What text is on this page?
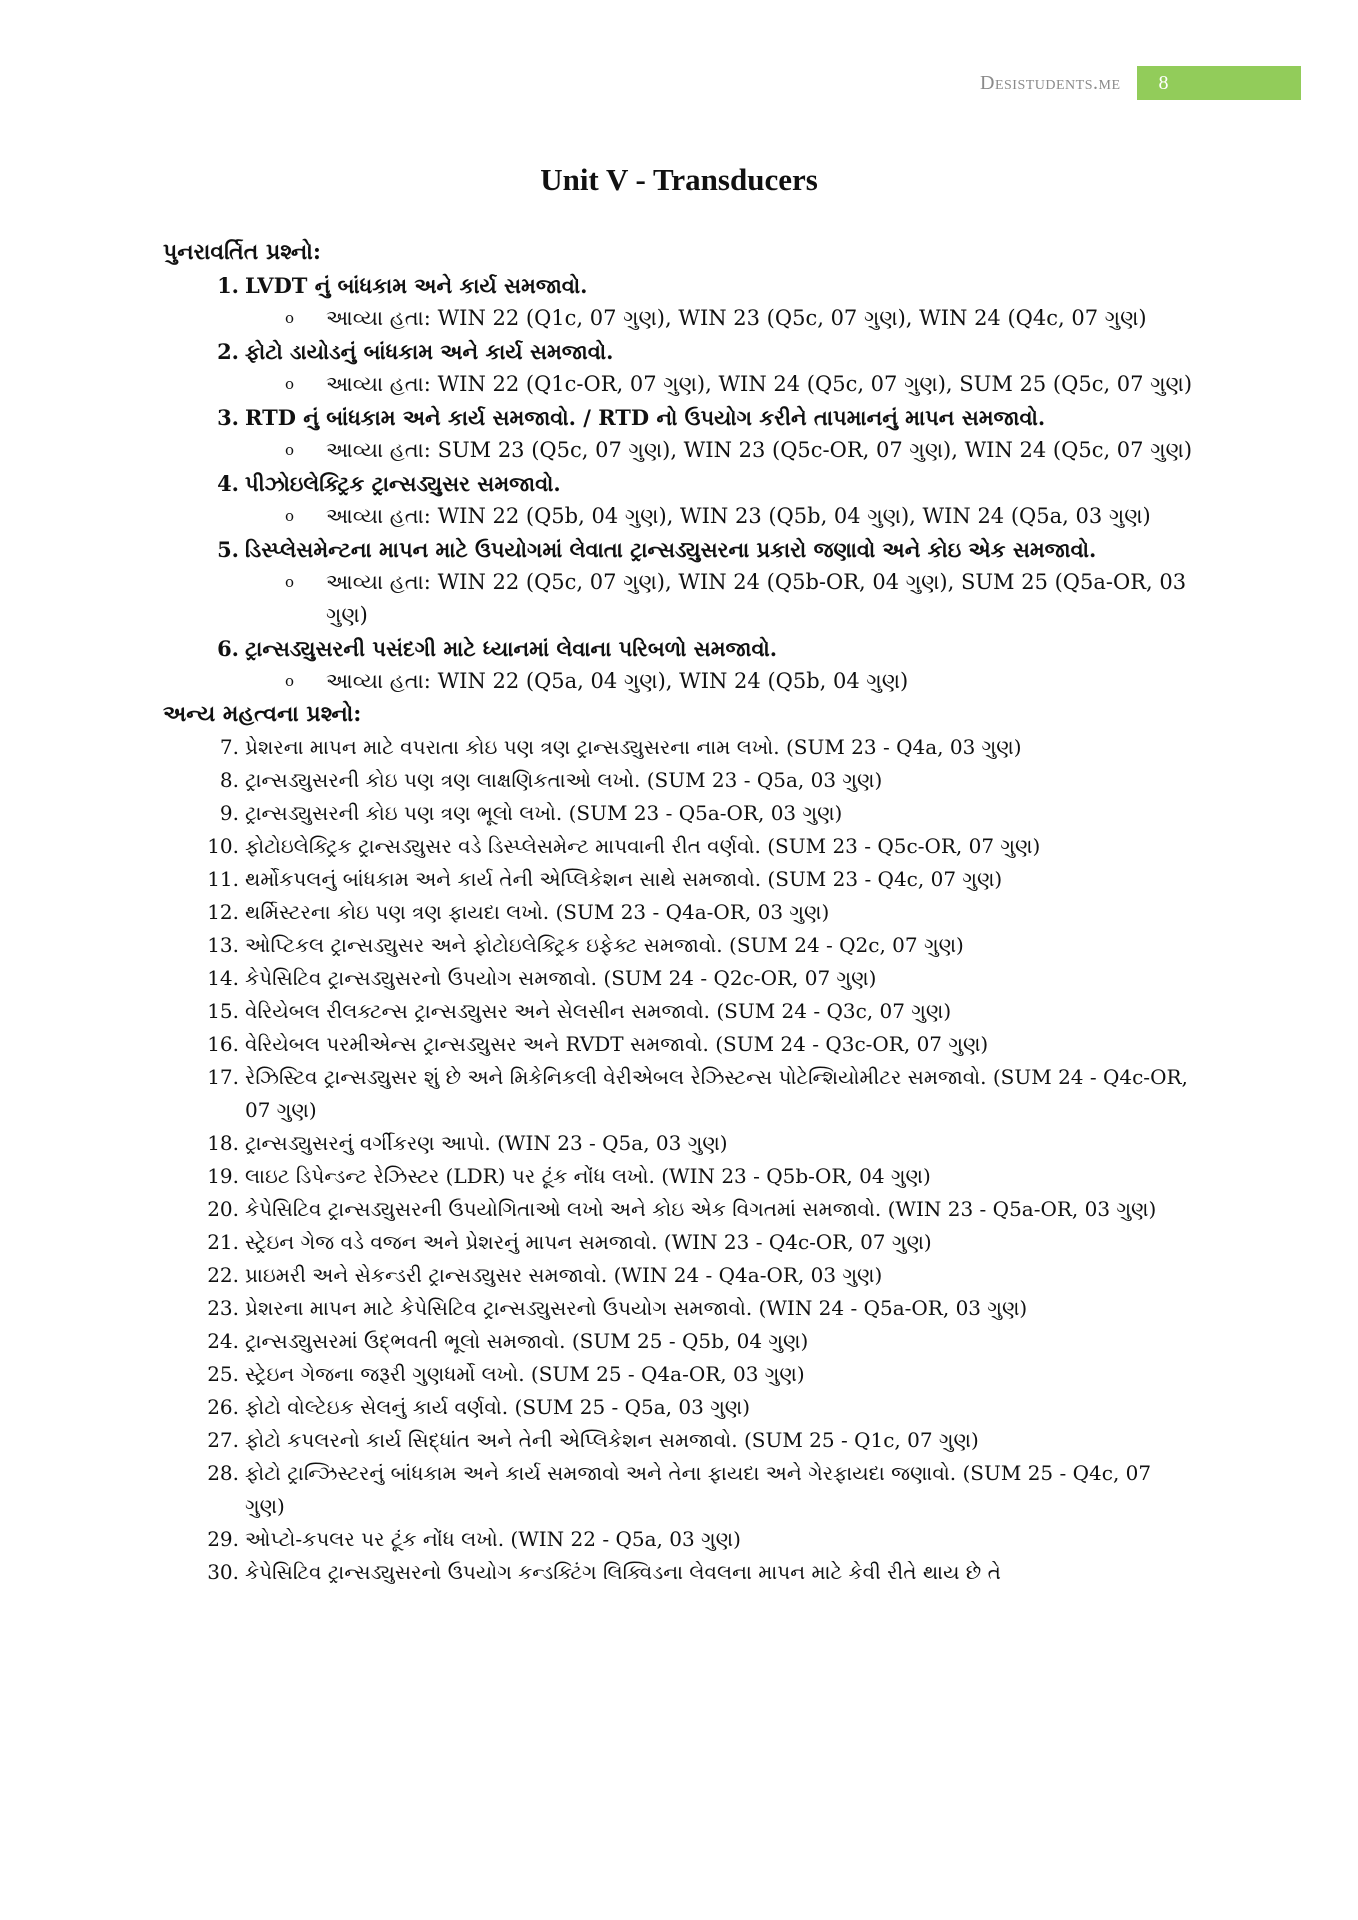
Desistudents.me	8
Unit V - Transducers
પુનરાવર્તિત પ્રશ્નો:
1. LVDT નું બાંધકામ અને કાર્ય સમજાવો.
o આવ્યા હતા: WIN 22 (Q1c, 07 ગુણ), WIN 23 (Q5c, 07 ગુણ), WIN 24 (Q4c, 07 ગુણ)
2. ફોટો ડાયોડનું બાંધકામ અને કાર્ય સમજાવો.
o આવ્યા હતા: WIN 22 (Q1c-OR, 07 ગુણ), WIN 24 (Q5c, 07 ગુણ), SUM 25 (Q5c, 07 ગુણ)
3. RTD નું બાંધકામ અને કાર્ય સમજાવો. / RTD નો ઉપયોગ કરીને તાપમાનનું માપન સમજાવો.
o આવ્યા હતા: SUM 23 (Q5c, 07 ગુણ), WIN 23 (Q5c-OR, 07 ગુણ), WIN 24 (Q5c, 07 ગુણ)
4. પીઝોઇલેક્ટ્રિક ટ્રાન્સડ્યુસર સમજાવો.
o આવ્યા હતા: WIN 22 (Q5b, 04 ગુણ), WIN 23 (Q5b, 04 ગુણ), WIN 24 (Q5a, 03 ગુણ)
5. ડિસ્પ્લેસમેન્ટના માપન માટે ઉપયોગમાં લેવાતા ટ્રાન્સડ્યુસરના પ્રકારો જણાવો અને કોઇ એક સમજાવો.
o આવ્યા હતા: WIN 22 (Q5c, 07 ગુણ), WIN 24 (Q5b-OR, 04 ગુણ), SUM 25 (Q5a-OR, 03 ગુણ)
6. ટ્રાન્સડ્યુસરની પસંદગી માટે ધ્યાનમાં લેવાના પરિબળો સમજાવો.
o આવ્યા હતા: WIN 22 (Q5a, 04 ગુણ), WIN 24 (Q5b, 04 ગુણ)
અન્ય મહત્વના પ્રશ્નો:
7. પ્રેશરના માપન માટે વપરાતા કોઇ પણ ત્રણ ટ્રાન્સડ્યુસરના નામ લખો. (SUM 23 - Q4a, 03 ગુણ)
8. ટ્રાન્સડ્યુસરની કોઇ પણ ત્રણ લાક્ષણિકતાઓ લખો. (SUM 23 - Q5a, 03 ગુણ)
9. ટ્રાન્સડ્યુસરની કોઇ પણ ત્રણ ભૂલો લખો. (SUM 23 - Q5a-OR, 03 ગુણ)
10. ફોટોઇલેક્ટ્રિક ટ્રાન્સડ્યુસર વડે ડિસ્પ્લેસમેન્ટ માપવાની રીત વર્ણવો. (SUM 23 - Q5c-OR, 07 ગુણ)
11. થર્મોકપલનું બાંધકામ અને કાર્ય તેની એપ્લિકેશન સાથે સમજાવો. (SUM 23 - Q4c, 07 ગુણ)
12. થર્મિસ્ટરના કોઇ પણ ત્રણ ફાયદા લખો. (SUM 23 - Q4a-OR, 03 ગુણ)
13. ઓપ્ટિકલ ટ્રાન્સડ્યુસર અને ફોટોઇલેક્ટ્રિક ઇફેક્ટ સમજાવો. (SUM 24 - Q2c, 07 ગુણ)
14. કેપેસિટિવ ટ્રાન્સડ્યુસરનો ઉપયોગ સમજાવો. (SUM 24 - Q2c-OR, 07 ગુણ)
15. વેરિયેબલ રીલક્ટન્સ ટ્રાન્સડ્યુસર અને સેલસીન સમજાવો. (SUM 24 - Q3c, 07 ગુણ)
16. વેરિયેબલ પરમીએન્સ ટ્રાન્સડ્યુસર અને RVDT સમજાવો. (SUM 24 - Q3c-OR, 07 ગુણ)
17. રેઝિસ્ટિવ ટ્રાન્સડ્યુસર શું છે અને મિકેનિકલી વેરીએબલ રેઝિસ્ટન્સ પોટેન્શિયોમીટર સમજાવો. (SUM 24 - Q4c-OR, 07 ગુણ)
18. ટ્રાન્સડ્યુસરનું વર્ગીકરણ આપો. (WIN 23 - Q5a, 03 ગુણ)
19. લાઇટ ડિપેન્ડન્ટ રેઝિસ્ટર (LDR) પર ટૂંક નોંધ લખો. (WIN 23 - Q5b-OR, 04 ગુણ)
20. કેપેસિટિવ ટ્રાન્સડ્યુસરની ઉપયોગિતાઓ લખો અને કોઇ એક વિગતમાં સમજાવો. (WIN 23 - Q5a-OR, 03 ગુણ)
21. સ્ટ્રેઇન ગેજ વડે વજન અને પ્રેશરનું માપન સમજાવો. (WIN 23 - Q4c-OR, 07 ગુણ)
22. પ્રાઇમરી અને સેકન્ડરી ટ્રાન્સડ્યુસર સમજાવો. (WIN 24 - Q4a-OR, 03 ગુણ)
23. પ્રેશરના માપન માટે કેપેસિટિવ ટ્રાન્સડ્યુસરનો ઉપયોગ સમજાવો. (WIN 24 - Q5a-OR, 03 ગુણ)
24. ટ્રાન્સડ્યુસરમાં ઉદ્ભવતી ભૂલો સમજાવો. (SUM 25 - Q5b, 04 ગુણ)
25. સ્ટ્રેઇન ગેજના જરૂરી ગુણધર્મો લખો. (SUM 25 - Q4a-OR, 03 ગુણ)
26. ફોટો વોલ્ટેઇક સેલનું કાર્ય વર્ણવો. (SUM 25 - Q5a, 03 ગુણ)
27. ફોટો કપલરનો કાર્ય સિદ્ધાંત અને તેની એપ્લિકેશન સમજાવો. (SUM 25 - Q1c, 07 ગુણ)
28. ફોટો ટ્રાન્ઝિસ્ટરનું બાંધકામ અને કાર્ય સમજાવો અને તેના ફાયદા અને ગેરફાયદા જણાવો. (SUM 25 - Q4c, 07 ગુણ)
29. ઓપ્ટો-કપલર પર ટૂંક નોંધ લખો. (WIN 22 - Q5a, 03 ગુણ)
30. કેપેસિટિવ ટ્રાન્સડ્યુસરનો ઉપયોગ કન્ડક્ટિંગ લિક્વિડના લેવલના માપન માટે કેવી રીતે થાય છે તે
